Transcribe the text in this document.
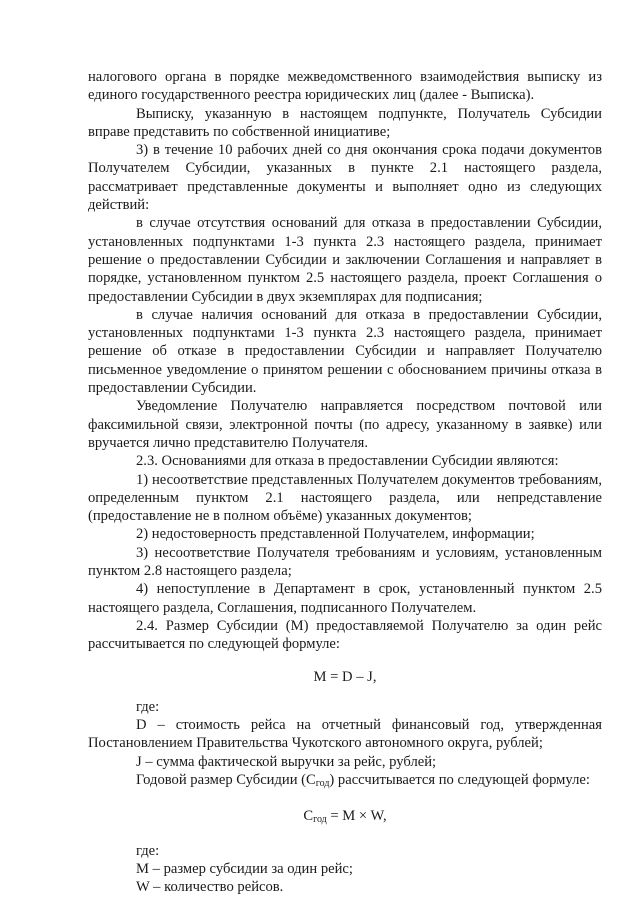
налогового органа в порядке межведомственного взаимодействия выписку из единого государственного реестра юридических лиц (далее - Выписка).

Выписку, указанную в настоящем подпункте, Получатель Субсидии вправе представить по собственной инициативе;

3) в течение 10 рабочих дней со дня окончания срока подачи документов Получателем Субсидии, указанных в пункте 2.1 настоящего раздела, рассматривает представленные документы и выполняет одно из следующих действий:

в случае отсутствия оснований для отказа в предоставлении Субсидии, установленных подпунктами 1-3 пункта 2.3 настоящего раздела, принимает решение о предоставлении Субсидии и заключении Соглашения и направляет в порядке, установленном пунктом 2.5 настоящего раздела, проект Соглашения о предоставлении Субсидии в двух экземплярах для подписания;

в случае наличия оснований для отказа в предоставлении Субсидии, установленных подпунктами 1-3 пункта 2.3 настоящего раздела, принимает решение об отказе в предоставлении Субсидии и направляет Получателю письменное уведомление о принятом решении с обоснованием причины отказа в предоставлении Субсидии.

Уведомление Получателю направляется посредством почтовой или факсимильной связи, электронной почты (по адресу, указанному в заявке) или вручается лично представителю Получателя.

2.3. Основаниями для отказа в предоставлении Субсидии являются:

1) несоответствие представленных Получателем документов требованиям, определенным пунктом 2.1 настоящего раздела, или непредставление (предоставление не в полном объёме) указанных документов;

2) недостоверность представленной Получателем, информации;

3) несоответствие Получателя требованиям и условиям, установленным пунктом 2.8 настоящего раздела;

4) непоступление в Департамент в срок, установленный пунктом 2.5 настоящего раздела, Соглашения, подписанного Получателем.

2.4. Размер Субсидии (M) предоставляемой Получателю за один рейс рассчитывается по следующей формуле:

M = D – J,

где:

D – стоимость рейса на отчетный финансовый год, утвержденная Постановлением Правительства Чукотского автономного округа, рублей;

J – сумма фактической выручки за рейс, рублей;

Годовой размер Субсидии $(С_{год})$ рассчитывается по следующей формуле:

$С_{год} = M \times W$,

где:

M – размер субсидии за один рейс;

W – количество рейсов.
